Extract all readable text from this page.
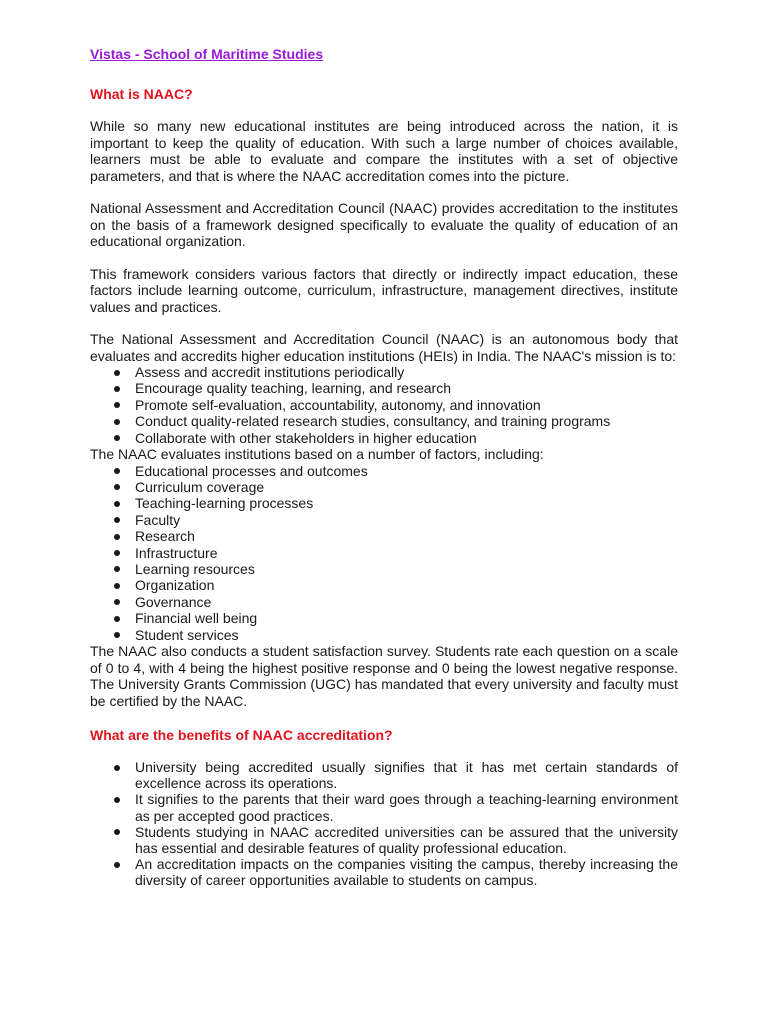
Vistas - School of Maritime Studies
What is NAAC?

While so many new educational institutes are being introduced across the nation, it is important to keep the quality of education. With such a large number of choices available, learners must be able to evaluate and compare the institutes with a set of objective parameters, and that is where the NAAC accreditation comes into the picture.

National Assessment and Accreditation Council (NAAC) provides accreditation to the institutes on the basis of a framework designed specifically to evaluate the quality of education of an educational organization.

This framework considers various factors that directly or indirectly impact education, these factors include learning outcome, curriculum, infrastructure, management directives, institute values and practices.

The National Assessment and Accreditation Council (NAAC) is an autonomous body that evaluates and accredits higher education institutions (HEIs) in India. The NAAC's mission is to:

Assess and accredit institutions periodically
Encourage quality teaching, learning, and research
Promote self-evaluation, accountability, autonomy, and innovation
Conduct quality-related research studies, consultancy, and training programs
Collaborate with other stakeholders in higher education

The NAAC evaluates institutions based on a number of factors, including:

Educational processes and outcomes
Curriculum coverage
Teaching-learning processes
Faculty
Research
Infrastructure
Learning resources
Organization
Governance
Financial well being
Student services

The NAAC also conducts a student satisfaction survey. Students rate each question on a scale of 0 to 4, with 4 being the highest positive response and 0 being the lowest negative response. The University Grants Commission (UGC) has mandated that every university and faculty must be certified by the NAAC.

What are the benefits of NAAC accreditation?
University being accredited usually signifies that it has met certain standards of excellence across its operations.
It signifies to the parents that their ward goes through a teaching-learning environment as per accepted good practices.
Students studying in NAAC accredited universities can be assured that the university has essential and desirable features of quality professional education.
An accreditation impacts on the companies visiting the campus, thereby increasing the diversity of career opportunities available to students on campus.
